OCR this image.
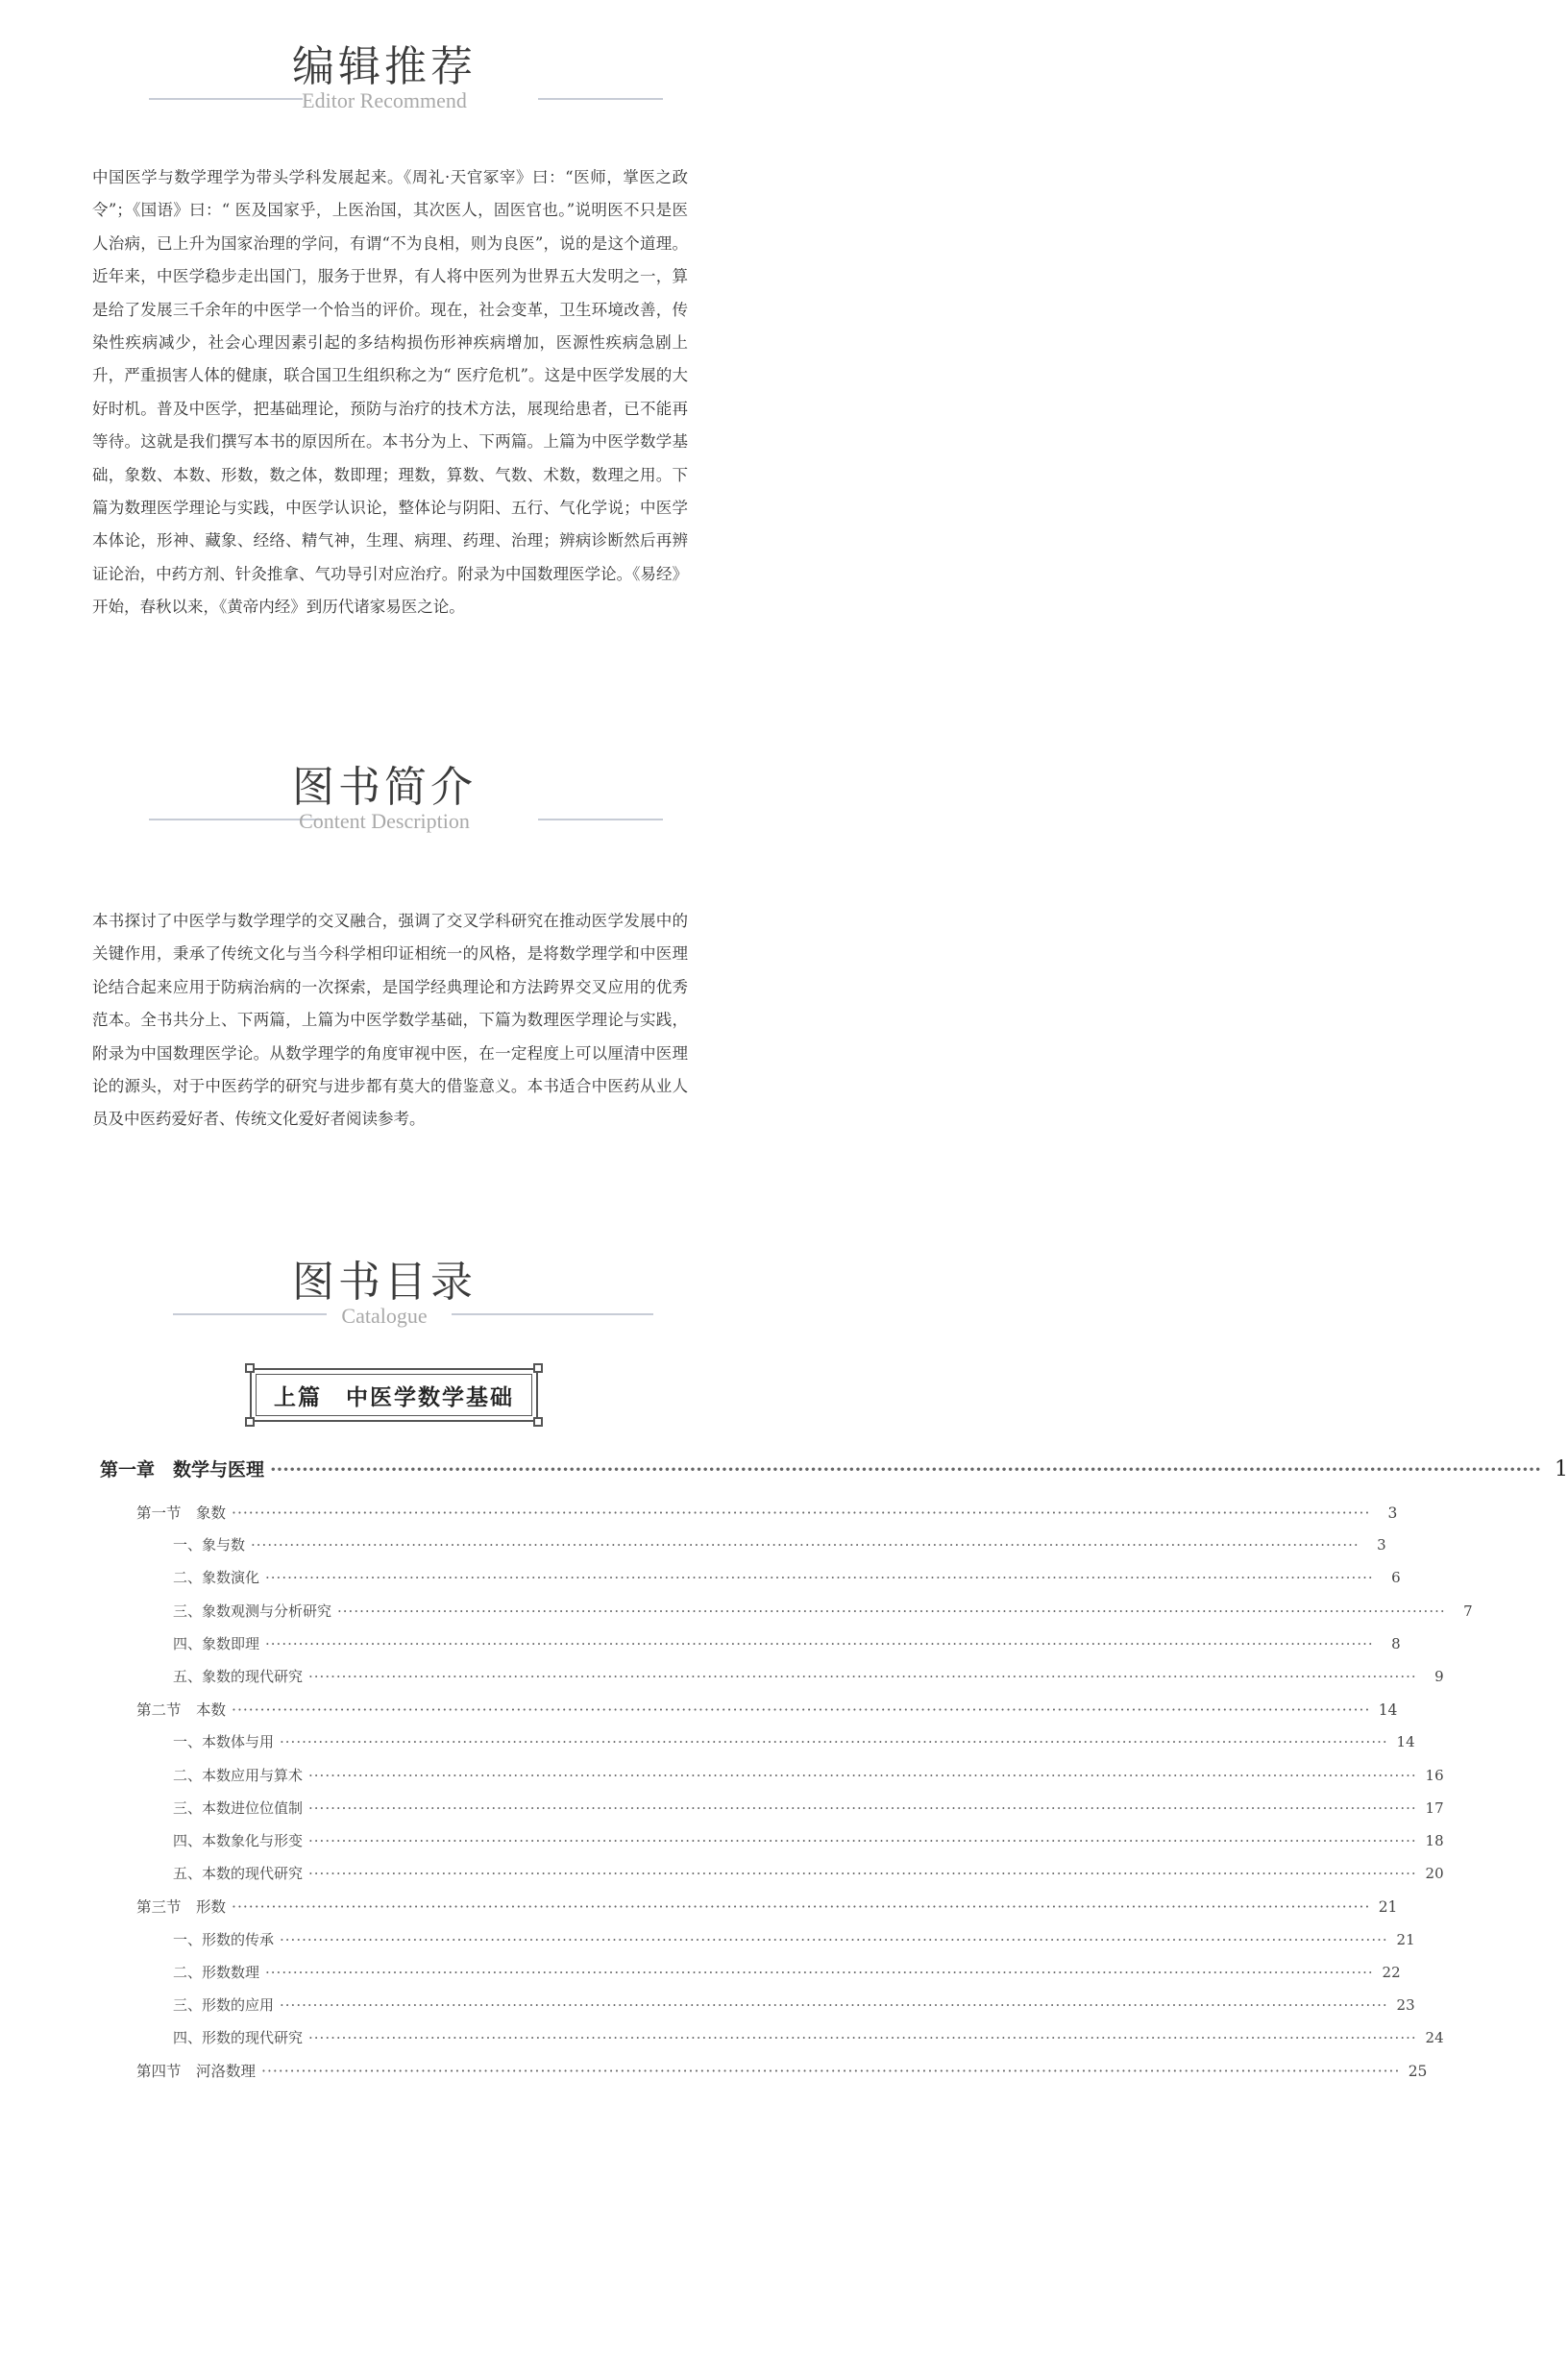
编辑推荐
Editor Recommend
中国医学与数学理学为带头学科发展起来。《周礼·天官冢宰》曰：“医师，掌医之政令”；《国语》曰：“ 医及国家乎，上医治国，其次医人，固医官也。”说明医不只是医人治病，已上升为国家治理的学问，有谓“不为良相，则为良医”，说的是这个道理。近年来，中医学稳步走出国门，服务于世界，有人将中医列为世界五大发明之一，算是给了发展三千余年的中医学一个恰当的评价。现在，社会变革，卫生环境改善，传染性疾病减少，社会心理因素引起的多结构损伤形神疾病增加，医源性疾病急剧上升，严重损害人体的健康，联合国卫生组织称之为“ 医疗危机”。这是中医学发展的大好时机。普及中医学，把基础理论，预防与治疗的技术方法，展现给患者，已不能再等待。这就是我们撰写本书的原因所在。本书分为上、下两篇。上篇为中医学数学基础，象数、本数、形数，数之体，数即理；理数，算数、气数、术数，数理之用。下篇为数理医学理论与实践，中医学认识论，整体论与阴阳、五行、气化学说；中医学本体论，形神、藏象、经络、精气神，生理、病理、药理、治理；辨病诊断然后再辨证论治，中药方剂、针灸推拿、气功导引对应治疗。附录为中国数理医学论。《易经》开始，春秋以来，《黄帝内经》到历代诸家易医之论。
图书简介
Content Description
本书探讨了中医学与数学理学的交叉融合，强调了交叉学科研究在推动医学发展中的关键作用，秉承了传统文化与当今科学相印证相统一的风格，是将数学理学和中医理论结合起来应用于防病治病的一次探索，是国学经典理论和方法跨界交叉应用的优秀范本。全书共分上、下两篇，上篇为中医学数学基础，下篇为数理医学理论与实践，附录为中国数理医学论。从数学理学的角度审视中医，在一定程度上可以厘清中医理论的源头，对于中医药学的研究与进步都有莫大的借鉴意义。本书适合中医药从业人员及中医药爱好者、传统文化爱好者阅读参考。
图书目录
Catalogue
上篇　中医学数学基础
第一章　数学与医理 ········································································································································································································ 1
第一节　象数 ········································································································································································································	3
一、象与数 ········································································································································································································	3
二、象数演化 ········································································································································································································	6
三、象数观测与分析研究 ········································································································································································································	7
四、象数即理 ········································································································································································································	8
五、象数的现代研究 ········································································································································································································	9
第二节　本数 ········································································································································································································ 14
一、本数体与用 ········································································································································································································ 14
二、本数应用与算术 ········································································································································································································ 16
三、本数进位位值制 ········································································································································································································ 17
四、本数象化与形变 ········································································································································································································ 18
五、本数的现代研究 ········································································································································································································ 20
第三节　形数 ········································································································································································································ 21
一、形数的传承 ········································································································································································································ 21
二、形数数理 ········································································································································································································ 22
三、形数的应用 ········································································································································································································ 23
四、形数的现代研究 ········································································································································································································ 24
第四节　河洛数理 ········································································································································································································ 25
